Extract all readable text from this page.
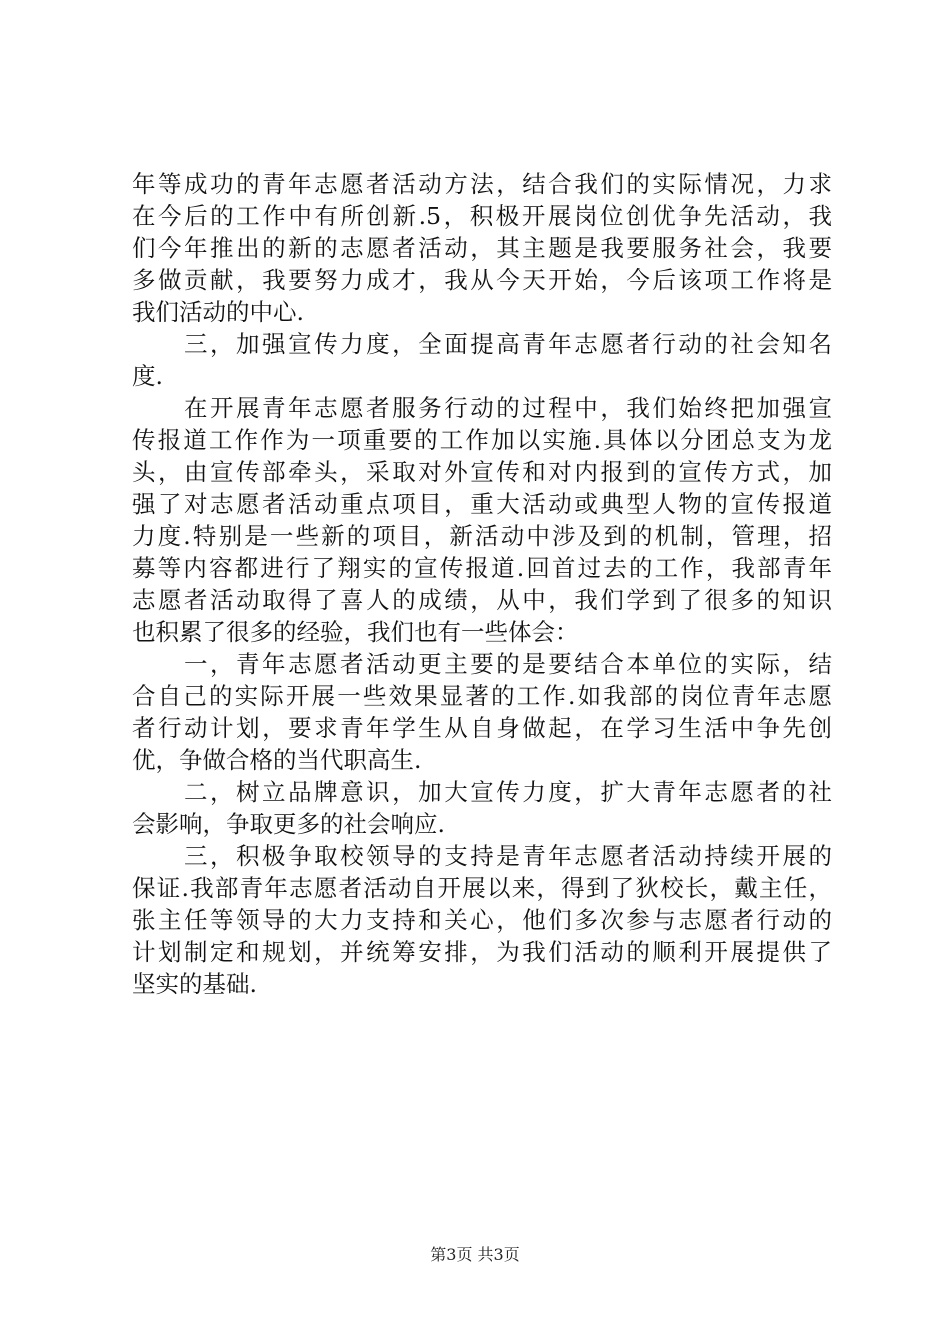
年等成功的青年志愿者活动方法，结合我们的实际情况，力求
在今后的工作中有所创新.5，积极开展岗位创优争先活动，我
们今年推出的新的志愿者活动，其主题是我要服务社会，我要
多做贡献，我要努力成才，我从今天开始，今后该项工作将是
我们活动的中心.
三，加强宣传力度，全面提高青年志愿者行动的社会知名
度.
在开展青年志愿者服务行动的过程中，我们始终把加强宣
传报道工作作为一项重要的工作加以实施.具体以分团总支为龙
头，由宣传部牵头，采取对外宣传和对内报到的宣传方式，加
强了对志愿者活动重点项目，重大活动或典型人物的宣传报道
力度.特别是一些新的项目，新活动中涉及到的机制，管理，招
募等内容都进行了翔实的宣传报道.回首过去的工作，我部青年
志愿者活动取得了喜人的成绩，从中，我们学到了很多的知识
也积累了很多的经验，我们也有一些体会：
一，青年志愿者活动更主要的是要结合本单位的实际，结
合自己的实际开展一些效果显著的工作.如我部的岗位青年志愿
者行动计划，要求青年学生从自身做起，在学习生活中争先创
优，争做合格的当代职高生.
二，树立品牌意识，加大宣传力度，扩大青年志愿者的社
会影响，争取更多的社会响应.
三，积极争取校领导的支持是青年志愿者活动持续开展的
保证.我部青年志愿者活动自开展以来，得到了狄校长，戴主任，
张主任等领导的大力支持和关心，他们多次参与志愿者行动的
计划制定和规划，并统筹安排，为我们活动的顺利开展提供了
坚实的基础.
第3页 共3页
